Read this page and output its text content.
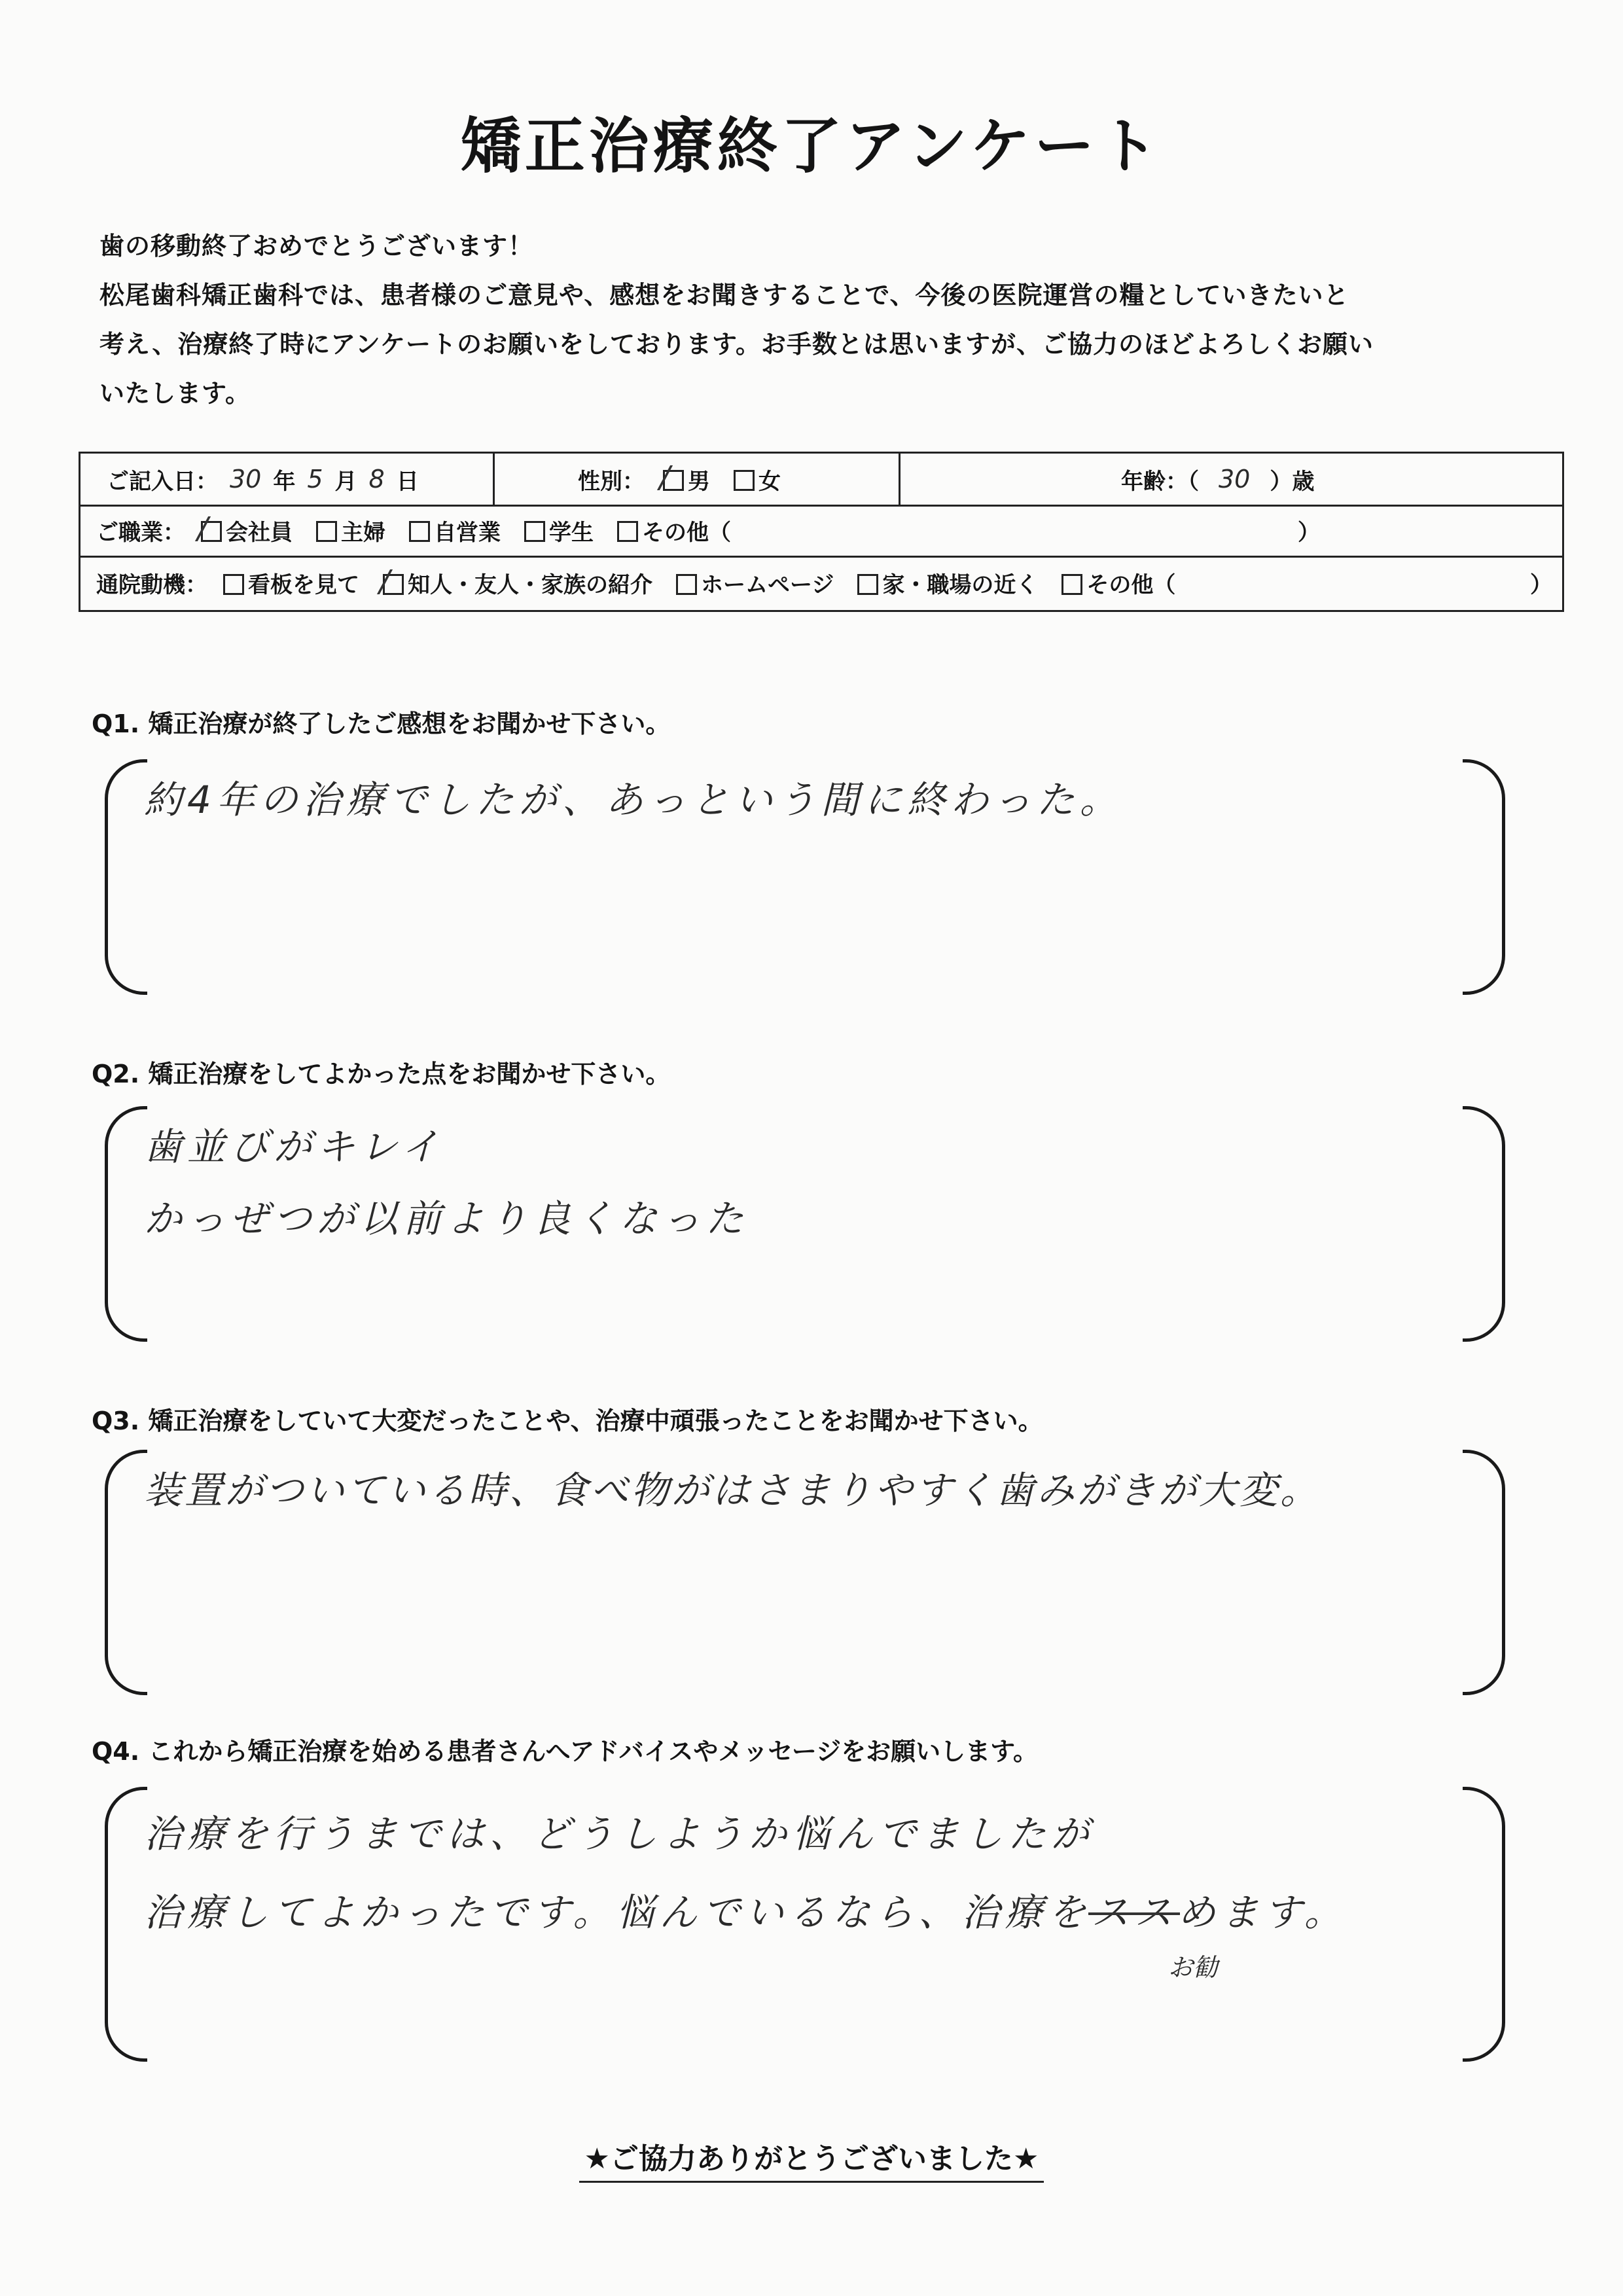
矯正治療終了アンケート
歯の移動終了おめでとうございます！
松尾歯科矯正歯科では、患者様のご意見や、感想をお聞きすることで、今後の医院運営の糧としていきたいと
考え、治療終了時にアンケートのお願いをしております。お手数とは思いますが、ご協力のほどよろしくお願い
いたします。
ご記入日： 30 年 5 月 8 日	性別： 男 女	年齢：（ 30 ）歳
ご職業： 会社員 主婦 自営業 学生 その他（	）
通院動機： 看板を見て 知人・友人・家族の紹介 ホームページ 家・職場の近く その他（	）
Q1. 矯正治療が終了したご感想をお聞かせ下さい。
約4年の治療でしたが、あっという間に終わった。
Q2. 矯正治療をしてよかった点をお聞かせ下さい。
歯並びがキレイ
かっぜつが以前より良くなった
Q3. 矯正治療をしていて大変だったことや、治療中頑張ったことをお聞かせ下さい。
装置がついている時、食べ物がはさまりやすく歯みがきが大変。
Q4. これから矯正治療を始める患者さんへアドバイスやメッセージをお願いします。
治療を行うまでは、どうしようか悩んでましたが
治療してよかったです。悩んでいるなら、治療をススめます。
お勧
★ご協力ありがとうございました★
